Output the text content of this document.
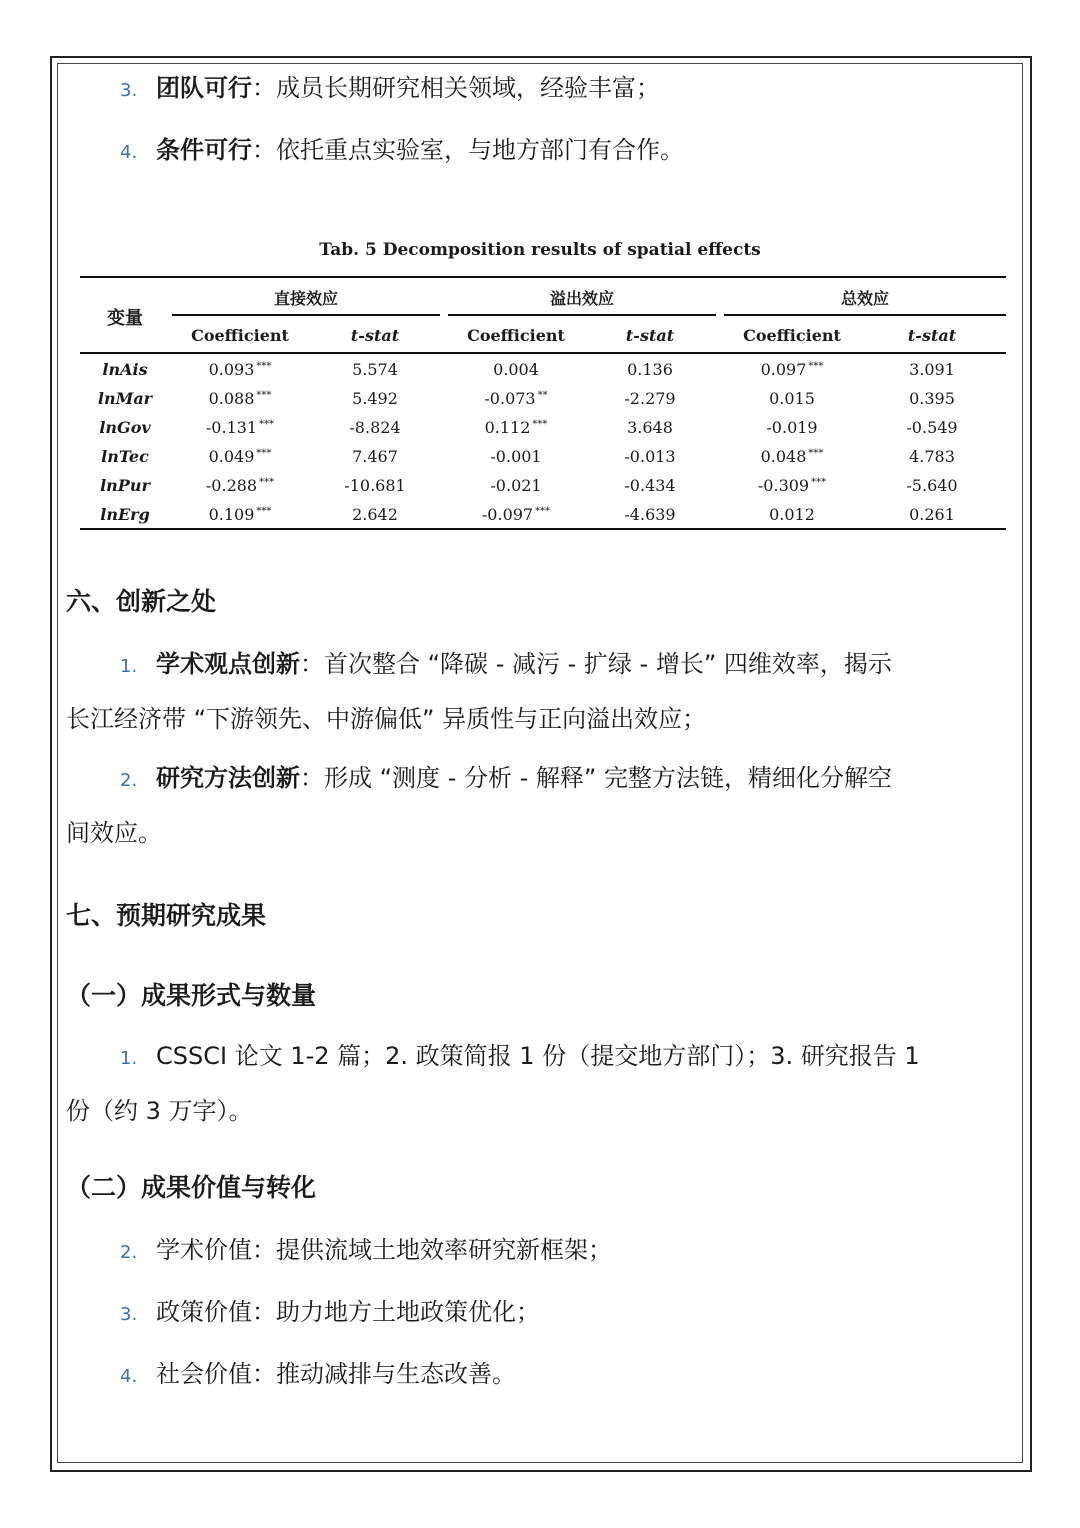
3. 团队可行：成员长期研究相关领域，经验丰富；
4. 条件可行：依托重点实验室，与地方部门有合作。
Tab. 5 Decomposition results of spatial effects
变量
直接效应	溢出效应	总效应
Coefficient	t-stat	Coefficient	t-stat	Coefficient	t-stat
lnAis	0.093 ***	5.574	0.004	0.136	0.097 ***	3.091
lnMar	0.088 ***	5.492	-0.073 **	-2.279	0.015	0.395
lnGov	-0.131 ***	-8.824	0.112 ***	3.648	-0.019	-0.549
lnTec	0.049 ***	7.467	-0.001	-0.013	0.048 ***	4.783
lnPur	-0.288 ***	-10.681	-0.021	-0.434	-0.309 ***	-5.640
lnErg	0.109 ***	2.642	-0.097 ***	-4.639	0.012	0.261
六、创新之处
1. 学术观点创新：首次整合 “降碳 - 减污 - 扩绿 - 增长” 四维效率，揭示
长江经济带 “下游领先、中游偏低” 异质性与正向溢出效应；
2. 研究方法创新：形成 “测度 - 分析 - 解释” 完整方法链，精细化分解空
间效应。
七、预期研究成果
（一）成果形式与数量
1. CSSCI 论文 1-2 篇；2. 政策简报 1 份（提交地方部门）；3. 研究报告 1
份（约 3 万字）。
（二）成果价值与转化
2. 学术价值：提供流域土地效率研究新框架；
3. 政策价值：助力地方土地政策优化；
4. 社会价值：推动减排与生态改善。
